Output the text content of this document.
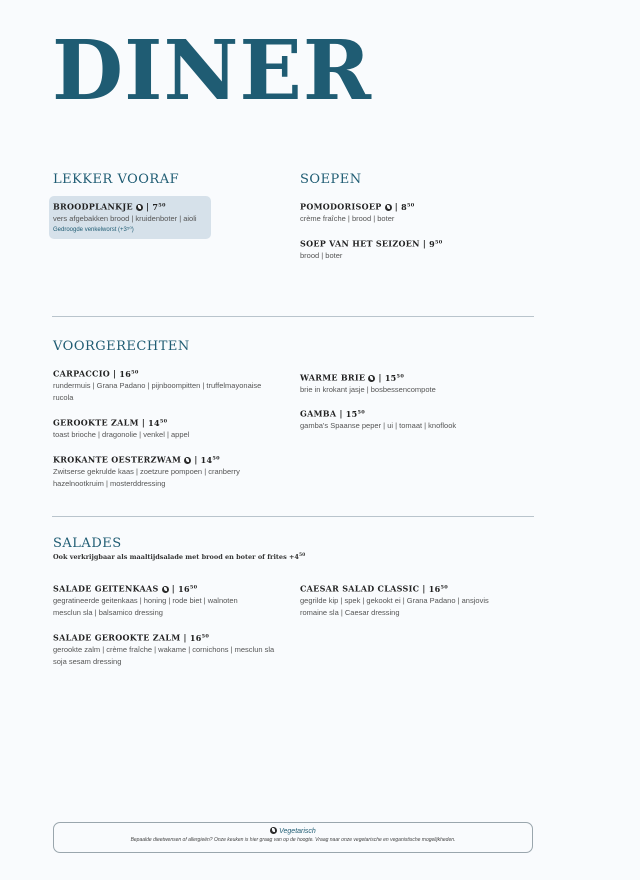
DINER
LEKKER VOORAF
BROODPLANKJE  | $7^{50}$
vers afgebakken brood | kruidenboter | aioli
Gedroogde venkelworst (+3⁵⁰)
SOEPEN
POMODORISOEP  | $8^{50}$
crème fraîche | brood | boter
SOEP VAN HET SEIZOEN | $9^{50}$
brood | boter
VOORGERECHTEN
CARPACCIO | $16^{50}$
rundermuis | Grana Padano | pijnboompitten | truffelmayonaise
rucola
GEROOKTE ZALM | $14^{50}$
toast brioche | dragonolie | venkel | appel
KROKANTE OESTERZWAM  | $14^{50}$
Zwitserse gekrulde kaas | zoetzure pompoen | cranberry
hazelnootkruim | mosterddressing
WARME BRIE  | $15^{50}$
brie in krokant jasje | bosbessencompote
GAMBA | $15^{50}$
gamba's Spaanse peper | ui | tomaat | knoflook
SALADES
Ook verkrijgbaar als maaltijdsalade met brood en boter of frites $+4^{50}$
SALADE GEITENKAAS  | $16^{50}$
gegratineerde geitenkaas | honing | rode biet | walnoten
mesclun sla | balsamico dressing
SALADE GEROOKTE ZALM | $16^{50}$
gerookte zalm | crème fraîche | wakame | cornichons | mesclun sla
soja sesam dressing
CAESAR SALAD CLASSIC | $16^{50}$
gegrilde kip | spek | gekookt ei | Grana Padano | ansjovis
romaine sla | Caesar dressing
Vegetarisch
Bepaalde dieetwensen of allergieën? Onze keuken is hier graag van op de hoogte. Vraag naar onze vegetarische en veganistische mogelijkheden.
